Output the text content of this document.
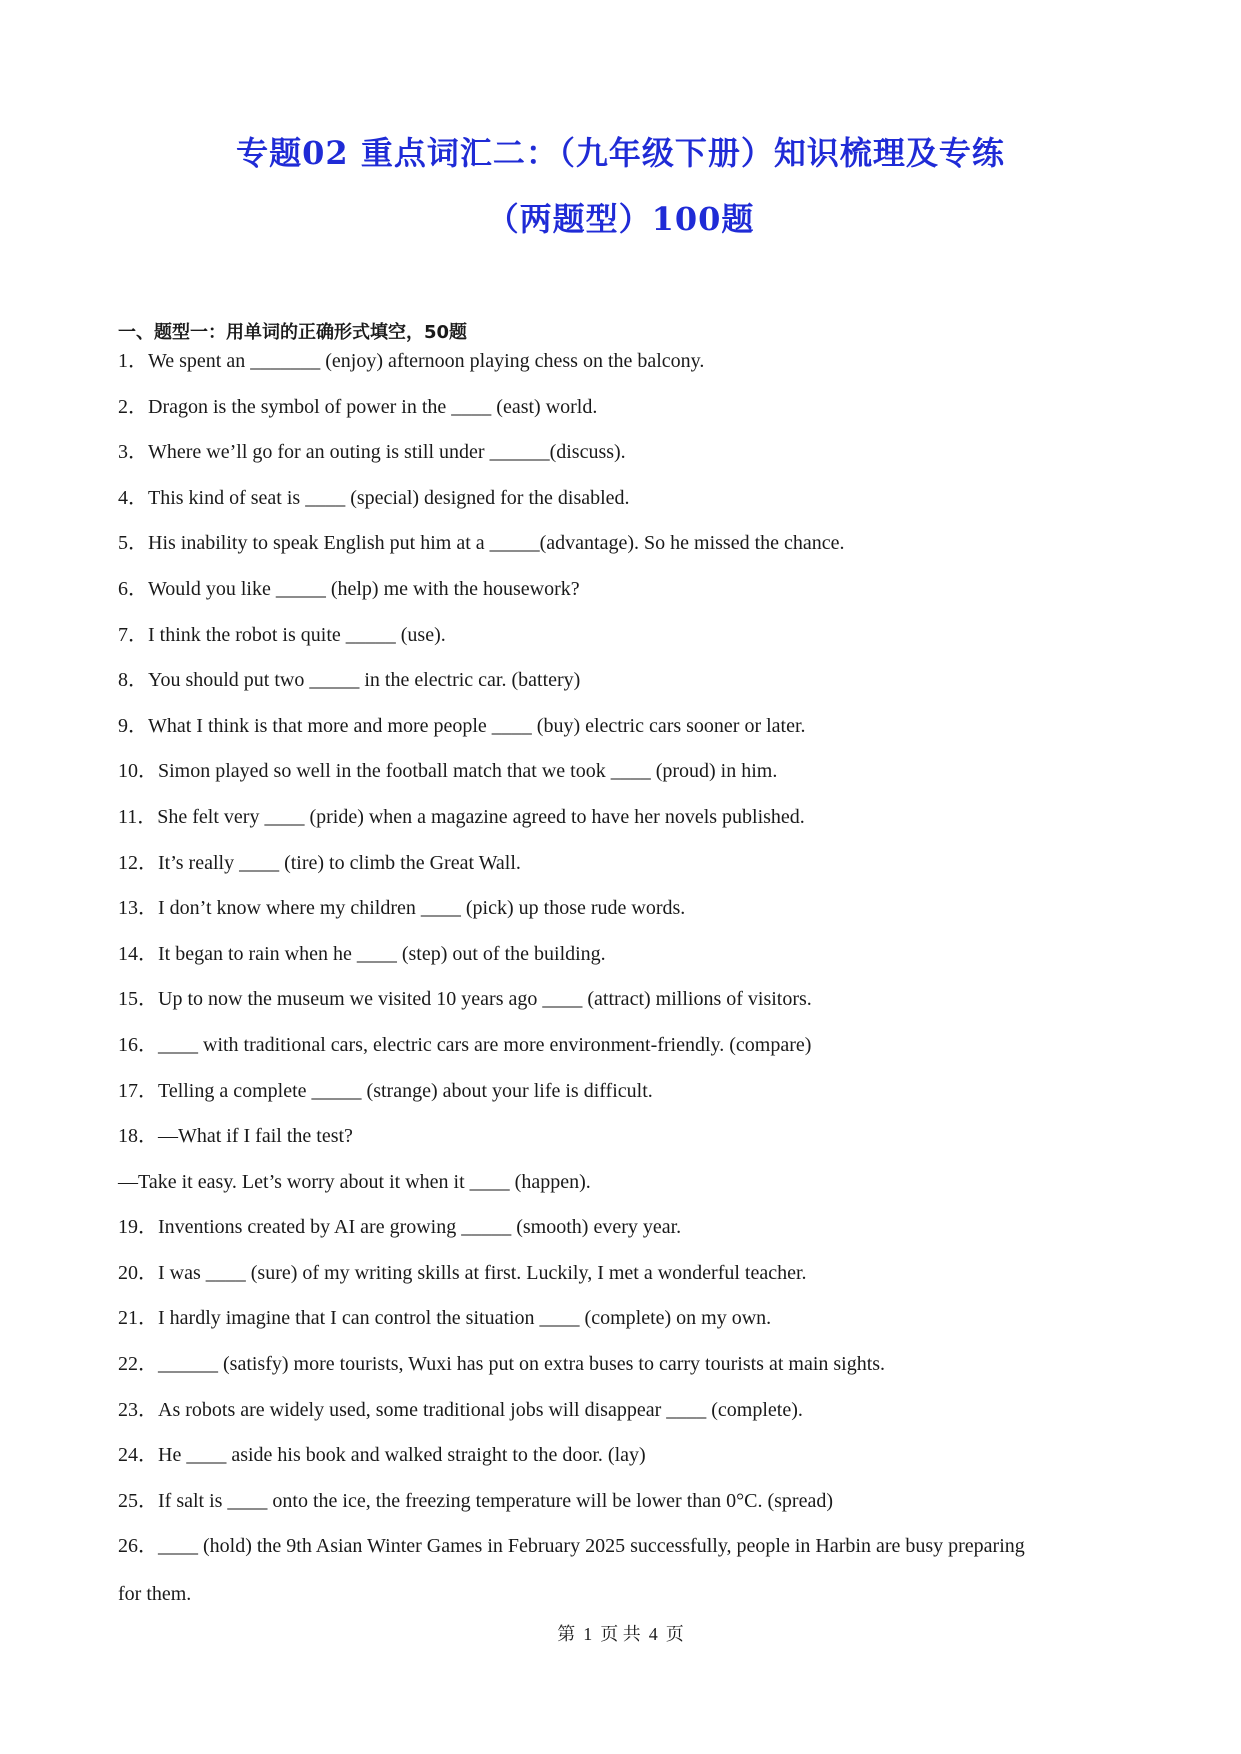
专题02 重点词汇二：（九年级下册）知识梳理及专练
（两题型）100题
一、题型一：用单词的正确形式填空，50题
1．We spent an _______ (enjoy) afternoon playing chess on the balcony.
2．Dragon is the symbol of power in the ____ (east) world.
3．Where we’ll go for an outing is still under ______(discuss).
4．This kind of seat is ____ (special) designed for the disabled.
5．His inability to speak English put him at a _____(advantage). So he missed the chance.
6．Would you like _____ (help) me with the housework?
7．I think the robot is quite _____ (use).
8．You should put two _____ in the electric car. (battery)
9．What I think is that more and more people ____ (buy) electric cars sooner or later.
10．Simon played so well in the football match that we took ____ (proud) in him.
11．She felt very ____ (pride) when a magazine agreed to have her novels published.
12．It’s really ____ (tire) to climb the Great Wall.
13．I don’t know where my children ____ (pick) up those rude words.
14．It began to rain when he ____ (step) out of the building.
15．Up to now the museum we visited 10 years ago ____ (attract) millions of visitors.
16．____ with traditional cars, electric cars are more environment-friendly. (compare)
17．Telling a complete _____ (strange) about your life is difficult.
18．—What if I fail the test?
—Take it easy. Let’s worry about it when it ____ (happen).
19．Inventions created by AI are growing _____ (smooth) every year.
20．I was ____ (sure) of my writing skills at first. Luckily, I met a wonderful teacher.
21．I hardly imagine that I can control the situation ____ (complete) on my own.
22．______ (satisfy) more tourists, Wuxi has put on extra buses to carry tourists at main sights.
23．As robots are widely used, some traditional jobs will disappear ____ (complete).
24．He ____ aside his book and walked straight to the door. (lay)
25．If salt is ____ onto the ice, the freezing temperature will be lower than 0°C. (spread)
26．____ (hold) the 9th Asian Winter Games in February 2025 successfully, people in Harbin are busy preparing
for them.
第 1 页 共 4 页
